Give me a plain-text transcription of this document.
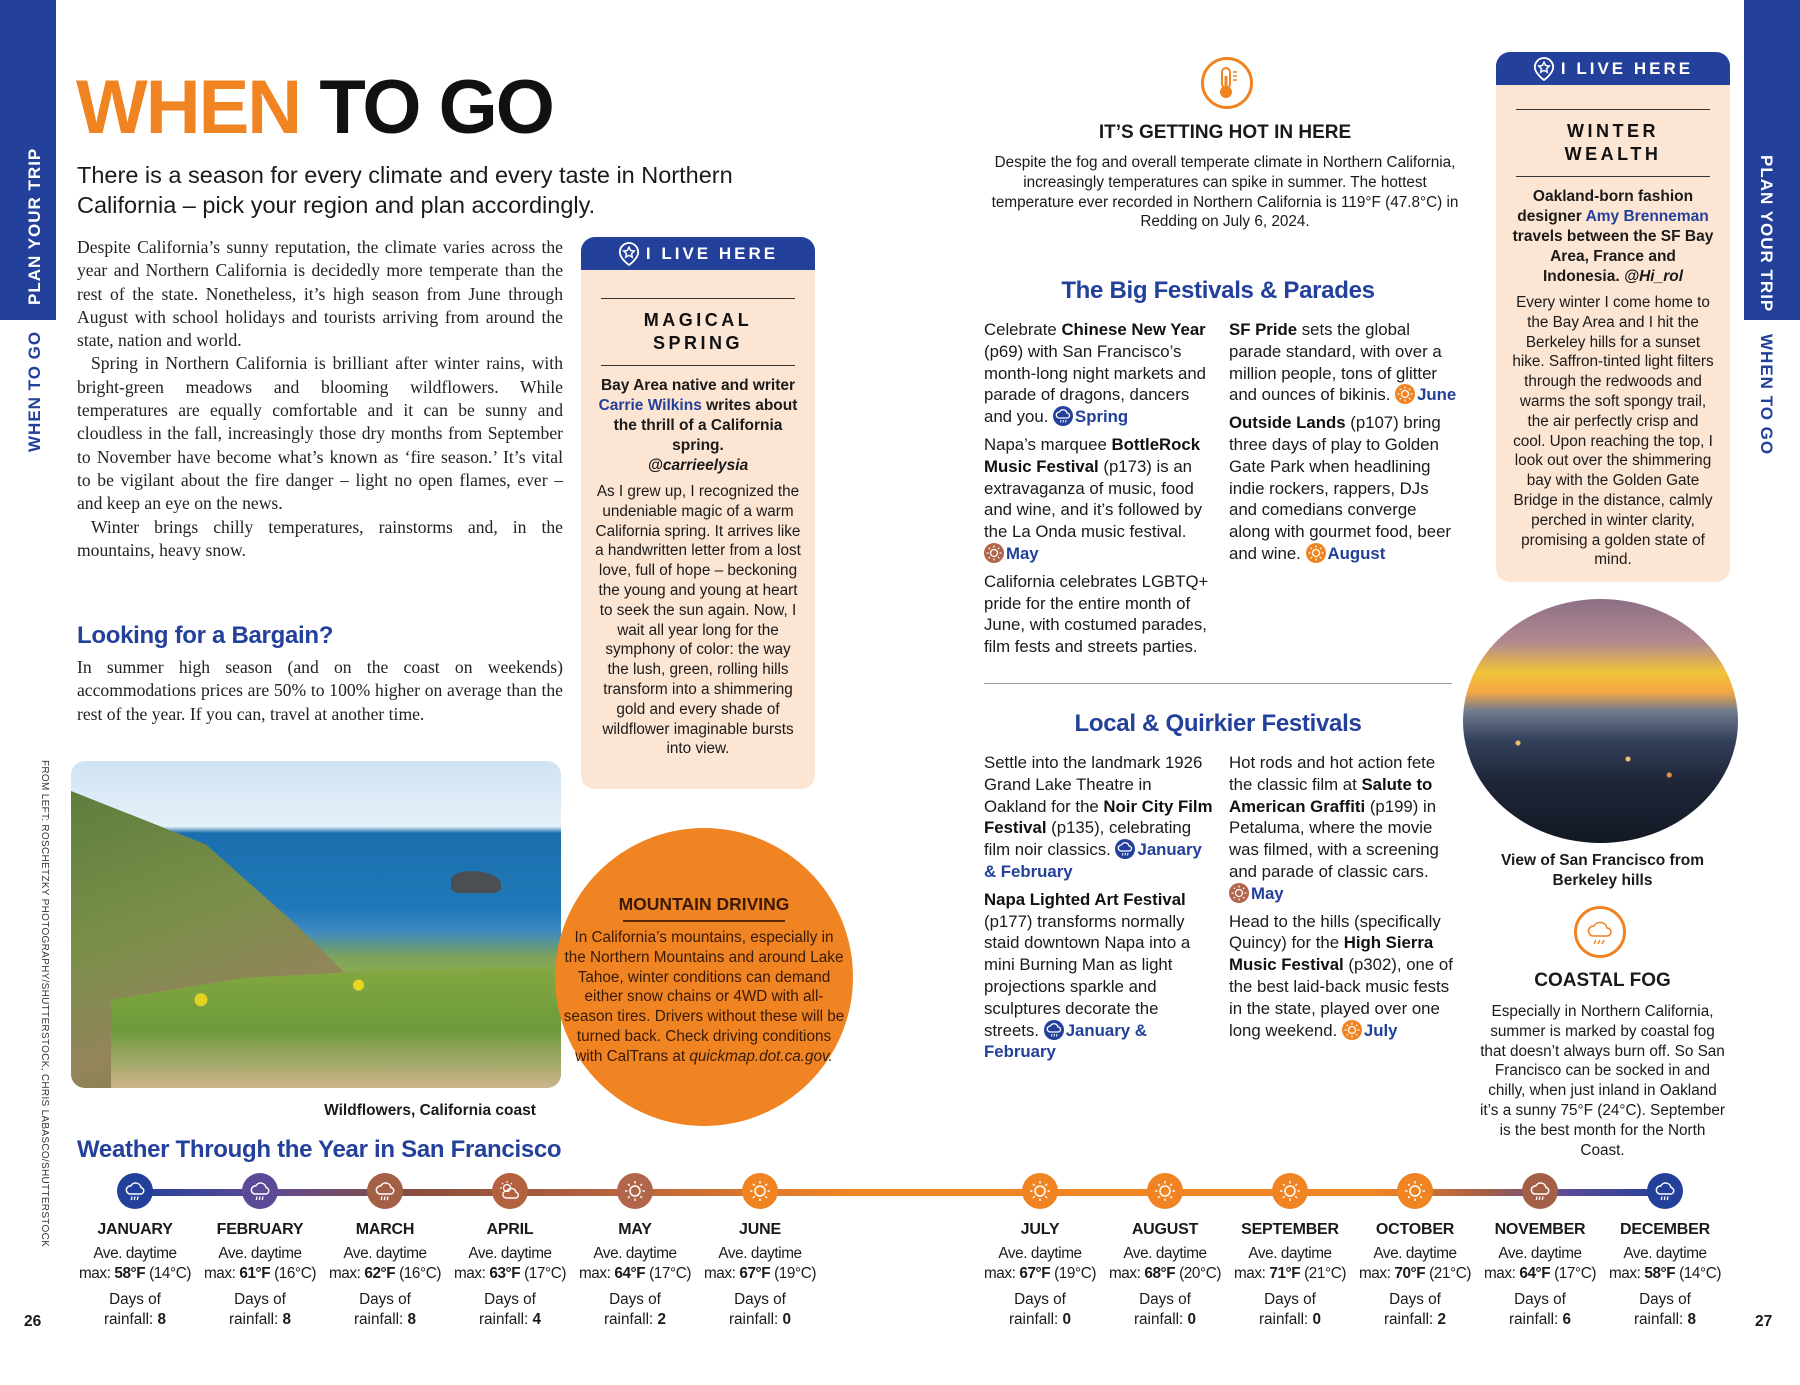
PLAN YOUR TRIP
WHEN TO GO
PLAN YOUR TRIP
WHEN TO GO
FROM LEFT: ROSCHETZKY PHOTOGRAPHY/SHUTTERSTOCK, CHRIS LABASCO/SHUTTERSTOCK
WHEN TO GO
There is a season for every climate and every taste in Northern California – pick your region and plan accordingly.

Despite California’s sunny reputation, the climate varies across the year and Northern California is decidedly more temperate than the rest of the state. Nonetheless, it’s high season from June through August with school holidays and tourists arriving from around the state, nation and world.

Spring in Northern California is brilliant after winter rains, with bright-green meadows and blooming wildflowers. While temperatures are equally comfortable and it can be sunny and cloudless in the fall, increasingly those dry months from September to November have become what’s known as ‘fire season.’ It’s vital to be vigilant about the fire danger – light no open flames, ever – and keep an eye on the news.

Winter brings chilly temperatures, rainstorms and, in the mountains, heavy snow.

Looking for a Bargain?
In summer high season (and on the coast on weekends) accommodations prices are 50% to 100% higher on average than the rest of the year. If you can, travel at another time.
I LIVE HERE
MAGICAL
SPRING
Bay Area native and writer Carrie Wilkins writes about the thrill of a California spring.
@carrieelysia
As I grew up, I recognized the undeniable magic of a warm California spring. It arrives like a handwritten letter from a lost love, full of hope – beckoning the young and young at heart to seek the sun again. Now, I wait all year long for the symphony of color: the way the lush, green, rolling hills transform into a shimmering gold and every shade of wildflower imaginable bursts into view.
Wildflowers, California coast
MOUNTAIN DRIVING
In California’s mountains, especially in the Northern Mountains and around Lake Tahoe, winter conditions can demand either snow chains or 4WD with all-season tires. Drivers without these will be turned back. Check driving conditions with CalTrans at quickmap.dot.ca.gov.
IT’S GETTING HOT IN HERE
Despite the fog and overall temperate climate in Northern California, increasingly temperatures can spike in summer. The hottest temperature ever recorded in Northern California is 119°F (47.8°C) in Redding on July 6, 2024.
The Big Festivals & Parades

Celebrate Chinese New Year (p69) with San Francisco’s month-long night markets and parade of dragons, dancers and you.
Spring

Napa’s marquee BottleRock Music Festival (p173) is an extravaganza of music, food and wine, and it’s followed by the La Onda music festival.
May

California celebrates LGBTQ+ pride for the entire month of June, with costumed parades, film fests and streets parties.

SF Pride sets the global parade standard, with over a million people, tons of glitter and ounces of bikinis.
June

Outside Lands (p107) bring three days of play to Golden Gate Park when headlining indie rockers, rappers, DJs and comedians converge along with gourmet food, beer and wine.
August

Local & Quirkier Festivals

Settle into the landmark 1926 Grand Lake Theatre in Oakland for the Noir City Film Festival (p135), celebrating film noir classics.
January & February

Napa Lighted Art Festival (p177) transforms normally staid downtown Napa into a mini Burning Man as light projections sparkle and sculptures decorate the streets.
January & February

Hot rods and hot action fete the classic film at Salute to American Graffiti (p199) in Petaluma, where the movie was filmed, with a screening and parade of classic cars.
May

Head to the hills (specifically Quincy) for the High Sierra Music Festival (p302), one of the best laid-back music fests in the state, played over one long weekend.
July

I LIVE HERE
WINTER WEALTH
Oakland-born fashion designer Amy Brenneman travels between the SF Bay Area, France and Indonesia. @Hi_rol
Every winter I come home to the Bay Area and I hit the Berkeley hills for a sunset hike. Saffron-tinted light filters through the redwoods and warms the soft spongy trail, the air perfectly crisp and cool. Upon reaching the top, I look out over the shimmering bay with the Golden Gate Bridge in the distance, calmly perched in winter clarity, promising a golden state of mind.
View of San Francisco from Berkeley hills
COASTAL FOG
Especially in Northern California, summer is marked by coastal fog that doesn’t always burn off. So San Francisco can be socked in and chilly, when just inland in Oakland it’s a sunny 75°F (24°C). September is the best month for the North Coast.
Weather Through the Year in San Francisco
JANUARY
Ave. daytime
max: 58°F (14°C)
Days of
rainfall: 8
FEBRUARY
Ave. daytime
max: 61°F (16°C)
Days of
rainfall: 8
MARCH
Ave. daytime
max: 62°F (16°C)
Days of
rainfall: 8
APRIL
Ave. daytime
max: 63°F (17°C)
Days of
rainfall: 4
MAY
Ave. daytime
max: 64°F (17°C)
Days of
rainfall: 2
JUNE
Ave. daytime
max: 67°F (19°C)
Days of
rainfall: 0
JULY
Ave. daytime
max: 67°F (19°C)
Days of
rainfall: 0
AUGUST
Ave. daytime
max: 68°F (20°C)
Days of
rainfall: 0
SEPTEMBER
Ave. daytime
max: 71°F (21°C)
Days of
rainfall: 0
OCTOBER
Ave. daytime
max: 70°F (21°C)
Days of
rainfall: 2
NOVEMBER
Ave. daytime
max: 64°F (17°C)
Days of
rainfall: 6
DECEMBER
Ave. daytime
max: 58°F (14°C)
Days of
rainfall: 8
26	27
